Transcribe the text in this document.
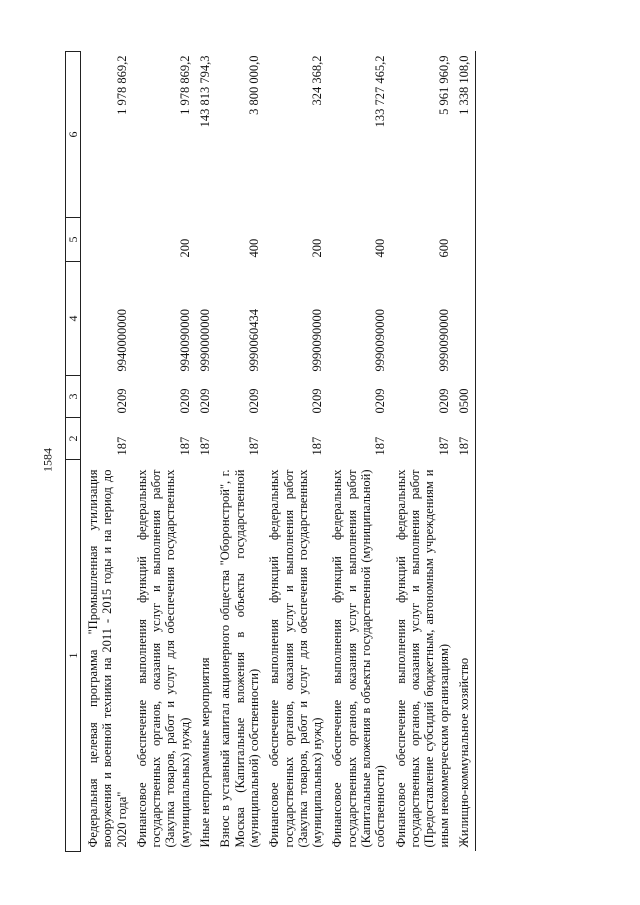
1584
1	2	3	4	5	6
Федеральная целевая программа "Промышленная утилизация вооружения и военной техники на 2011 - 2015 годы и на период до 2020 года"	187	0209	9940000000		1 978 869,2
Финансовое обеспечение выполнения функций федеральных государственных органов, оказания услуг и выполнения работ (Закупка товаров, работ и услуг для обеспечения государственных (муниципальных) нужд)	187	0209	9940090000	200	1 978 869,2
Иные непрограммные мероприятия	187	0209	9990000000		143 813 794,3
Взнос в уставный капитал акционерного общества "Оборонстрой", г. Москва (Капитальные вложения в объекты государственной (муниципальной) собственности)	187	0209	9990060434	400	3 800 000,0
Финансовое обеспечение выполнения функций федеральных государственных органов, оказания услуг и выполнения работ (Закупка товаров, работ и услуг для обеспечения государственных (муниципальных) нужд)	187	0209	9990090000	200	324 368,2
Финансовое обеспечение выполнения функций федеральных государственных органов, оказания услуг и выполнения работ (Капитальные вложения в объекты государственной (муниципальной) собственности)	187	0209	9990090000	400	133 727 465,2
Финансовое обеспечение выполнения функций федеральных государственных органов, оказания услуг и выполнения работ (Предоставление субсидий бюджетным, автономным учреждениям и иным некоммерческим организациям)	187	0209	9990090000	600	5 961 960,9
Жилищно-коммунальное хозяйство	187	0500			1 338 108,0
